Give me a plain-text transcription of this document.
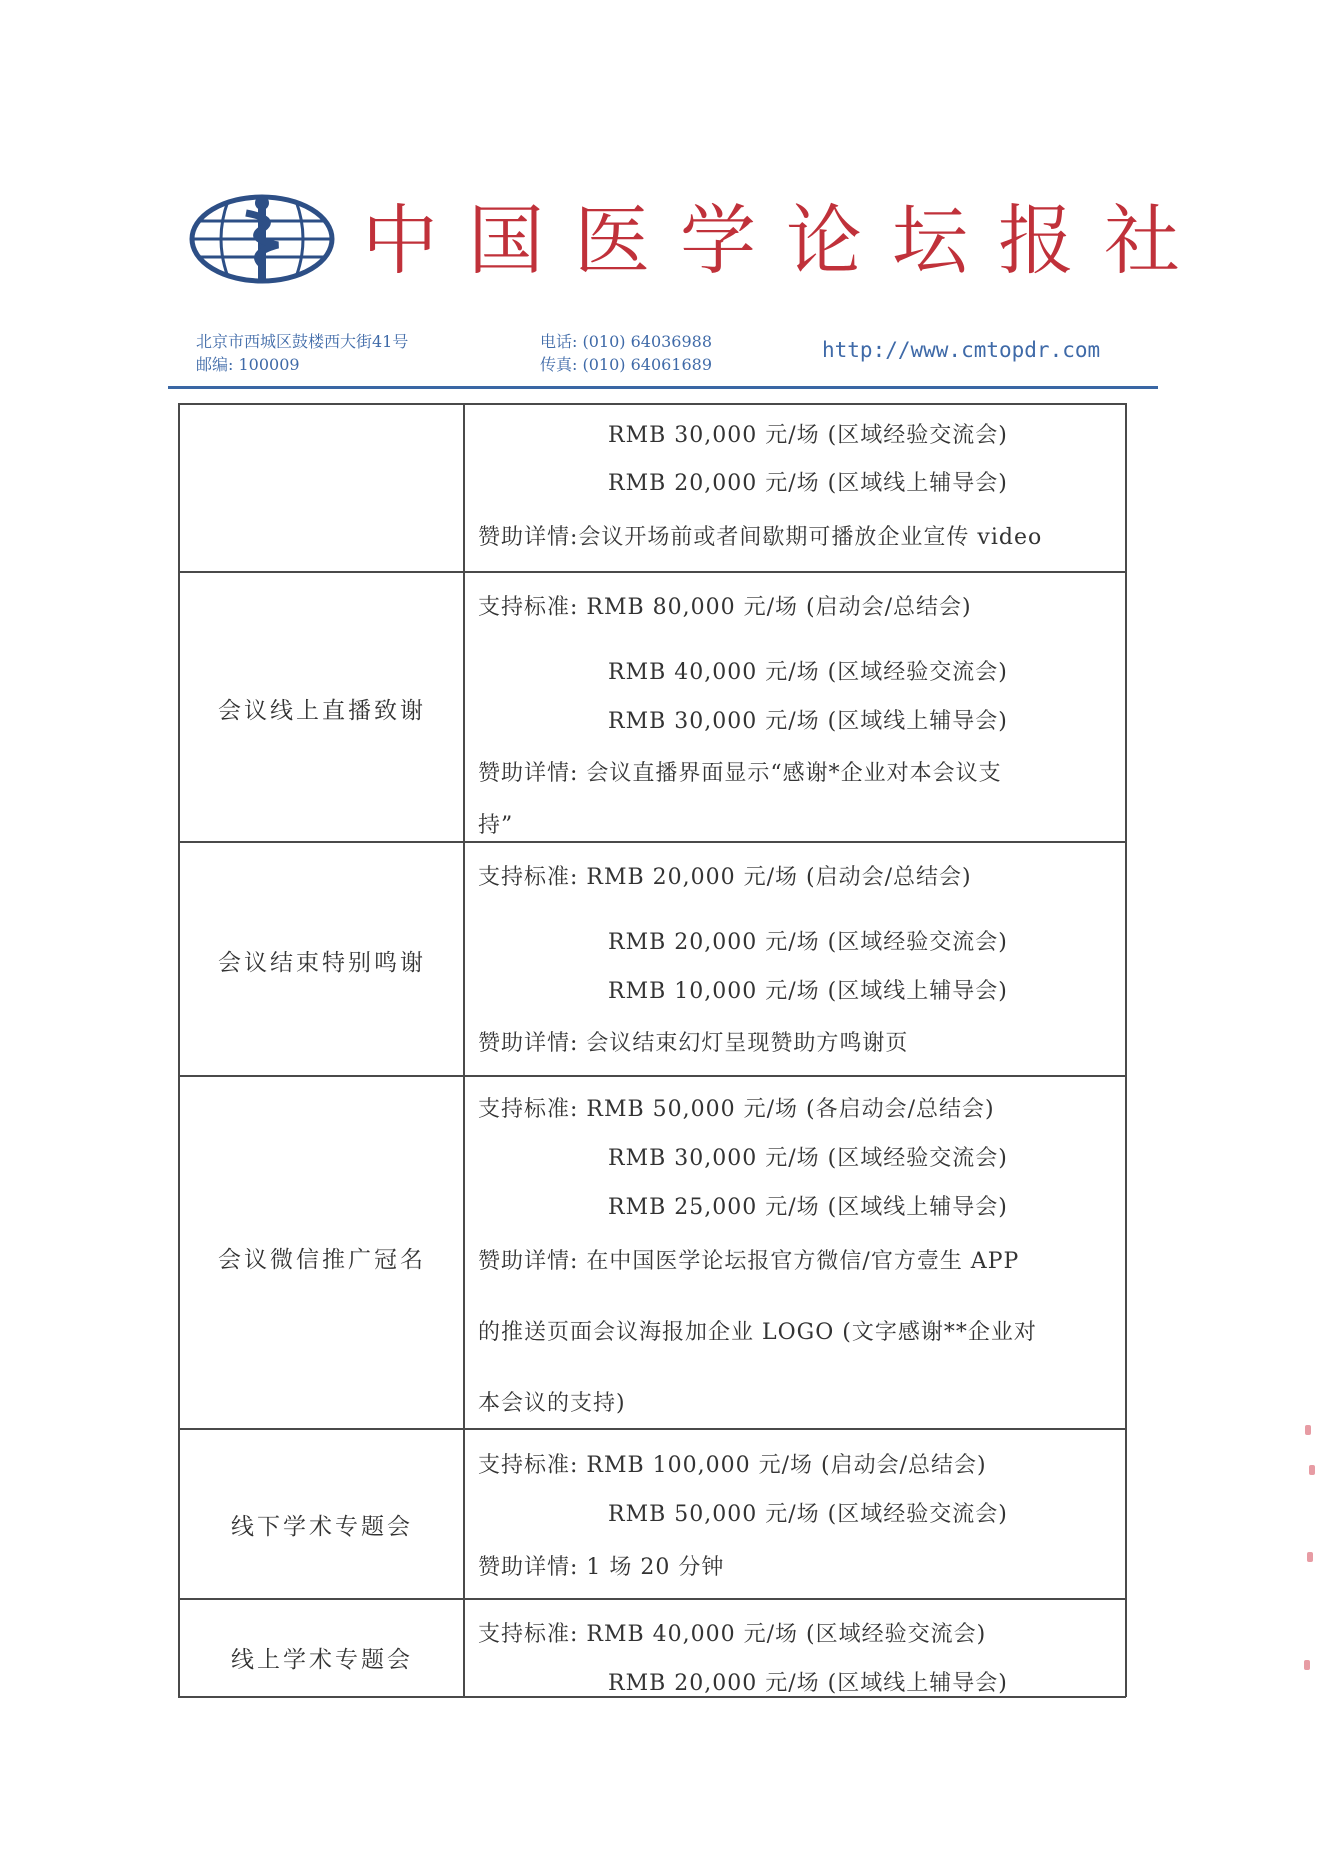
中国医学论坛报社
北京市西城区鼓楼西大街41号
邮编: 100009
电话: (010) 64036988
传真: (010) 64061689
http://www.cmtopdr.com
RMB 30,000 元/场 (区域经验交流会)
RMB 20,000 元/场 (区域线上辅导会)
赞助详情:会议开场前或者间歇期可播放企业宣传 video
会议线上直播致谢
支持标准: RMB 80,000 元/场 (启动会/总结会)
RMB 40,000 元/场 (区域经验交流会)
RMB 30,000 元/场 (区域线上辅导会)
赞助详情: 会议直播界面显示“感谢*企业对本会议支
持”
会议结束特别鸣谢
支持标准: RMB 20,000 元/场 (启动会/总结会)
RMB 20,000 元/场 (区域经验交流会)
RMB 10,000 元/场 (区域线上辅导会)
赞助详情: 会议结束幻灯呈现赞助方鸣谢页
会议微信推广冠名
支持标准: RMB 50,000 元/场 (各启动会/总结会)
RMB 30,000 元/场 (区域经验交流会)
RMB 25,000 元/场 (区域线上辅导会)
赞助详情: 在中国医学论坛报官方微信/官方壹生 APP
的推送页面会议海报加企业 LOGO (文字感谢**企业对
本会议的支持)
线下学术专题会
支持标准: RMB 100,000 元/场 (启动会/总结会)
RMB 50,000 元/场 (区域经验交流会)
赞助详情: 1 场 20 分钟
线上学术专题会
支持标准: RMB 40,000 元/场 (区域经验交流会)
RMB 20,000 元/场 (区域线上辅导会)
